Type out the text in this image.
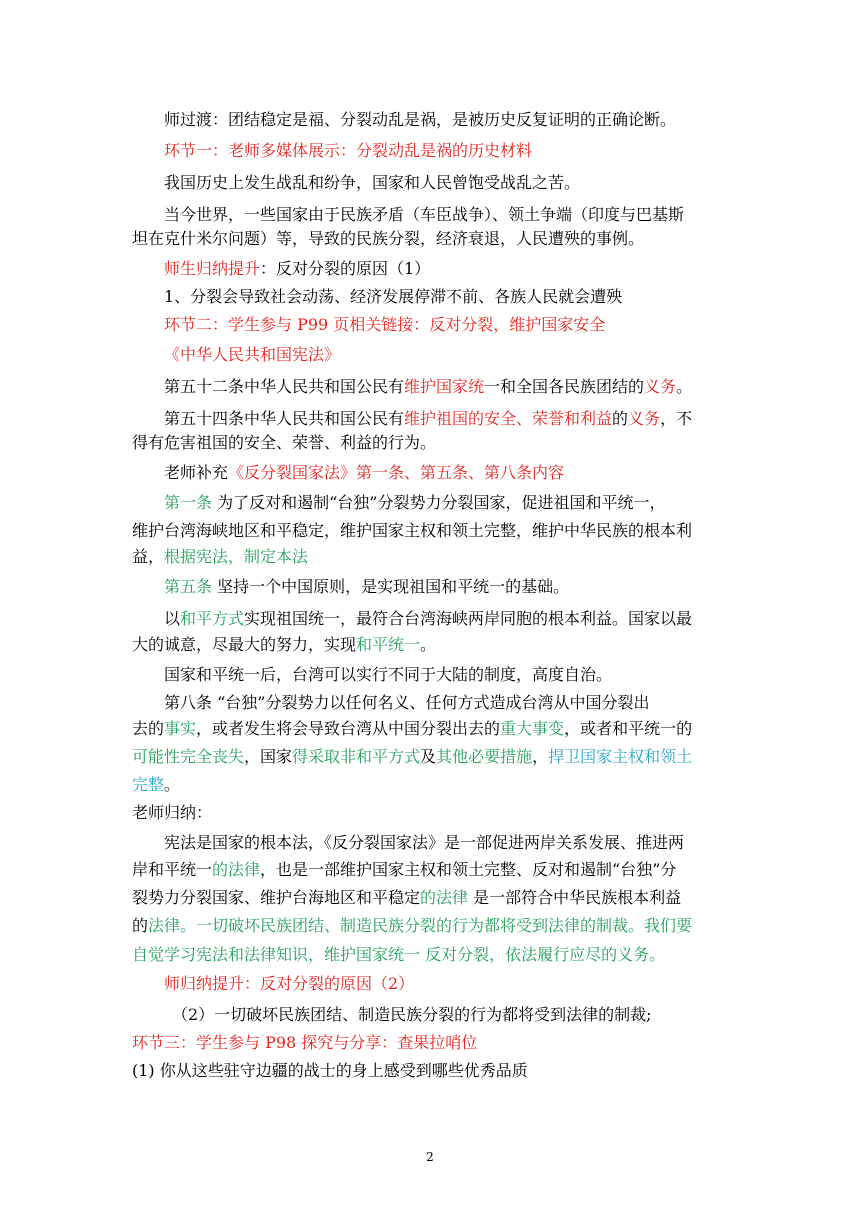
师过渡：团结稳定是福、分裂动乱是祸，是被历史反复证明的正确论断。
环节一：老师多媒体展示：分裂动乱是祸的历史材料
我国历史上发生战乱和纷争，国家和人民曾饱受战乱之苦。
当今世界，一些国家由于民族矛盾（车臣战争）、领土争端（印度与巴基斯
坦在克什米尔问题）等，导致的民族分裂，经济衰退，人民遭殃的事例。
师生归纳提升：反对分裂的原因（1）
1、分裂会导致社会动荡、经济发展停滞不前、各族人民就会遭殃
环节二：学生参与 P99 页相关链接：反对分裂，维护国家安全
《中华人民共和国宪法》
第五十二条中华人民共和国公民有维护国家统一和全国各民族团结的义务。
第五十四条中华人民共和国公民有维护祖国的安全、荣誉和利益的义务，不
得有危害祖国的安全、荣誉、利益的行为。
老师补充《反分裂国家法》第一条、第五条、第八条内容
第一条 为了反对和遏制“台独”分裂势力分裂国家，促进祖国和平统一，
维护台湾海峡地区和平稳定，维护国家主权和领土完整，维护中华民族的根本利
益，根据宪法，制定本法
第五条 坚持一个中国原则，是实现祖国和平统一的基础。
以和平方式实现祖国统一，最符合台湾海峡两岸同胞的根本利益。国家以最
大的诚意，尽最大的努力，实现和平统一。
国家和平统一后，台湾可以实行不同于大陆的制度，高度自治。
第八条 “台独”分裂势力以任何名义、任何方式造成台湾从中国分裂出
去的事实，或者发生将会导致台湾从中国分裂出去的重大事变，或者和平统一的
可能性完全丧失，国家得采取非和平方式及其他必要措施，捍卫国家主权和领土
完整。
老师归纳：
宪法是国家的根本法，《反分裂国家法》是一部促进两岸关系发展、推进两
岸和平统一的法律，也是一部维护国家主权和领土完整、反对和遏制“台独”分
裂势力分裂国家、维护台海地区和平稳定的法律 是一部符合中华民族根本利益
的法律。一切破坏民族团结、制造民族分裂的行为都将受到法律的制裁。我们要
自觉学习宪法和法律知识，维护国家统一 反对分裂，依法履行应尽的义务。
师归纳提升：反对分裂的原因（2）
（2）一切破坏民族团结、制造民族分裂的行为都将受到法律的制裁;
环节三：学生参与 P98 探究与分享：查果拉哨位
(1) 你从这些驻守边疆的战士的身上感受到哪些优秀品质
2
